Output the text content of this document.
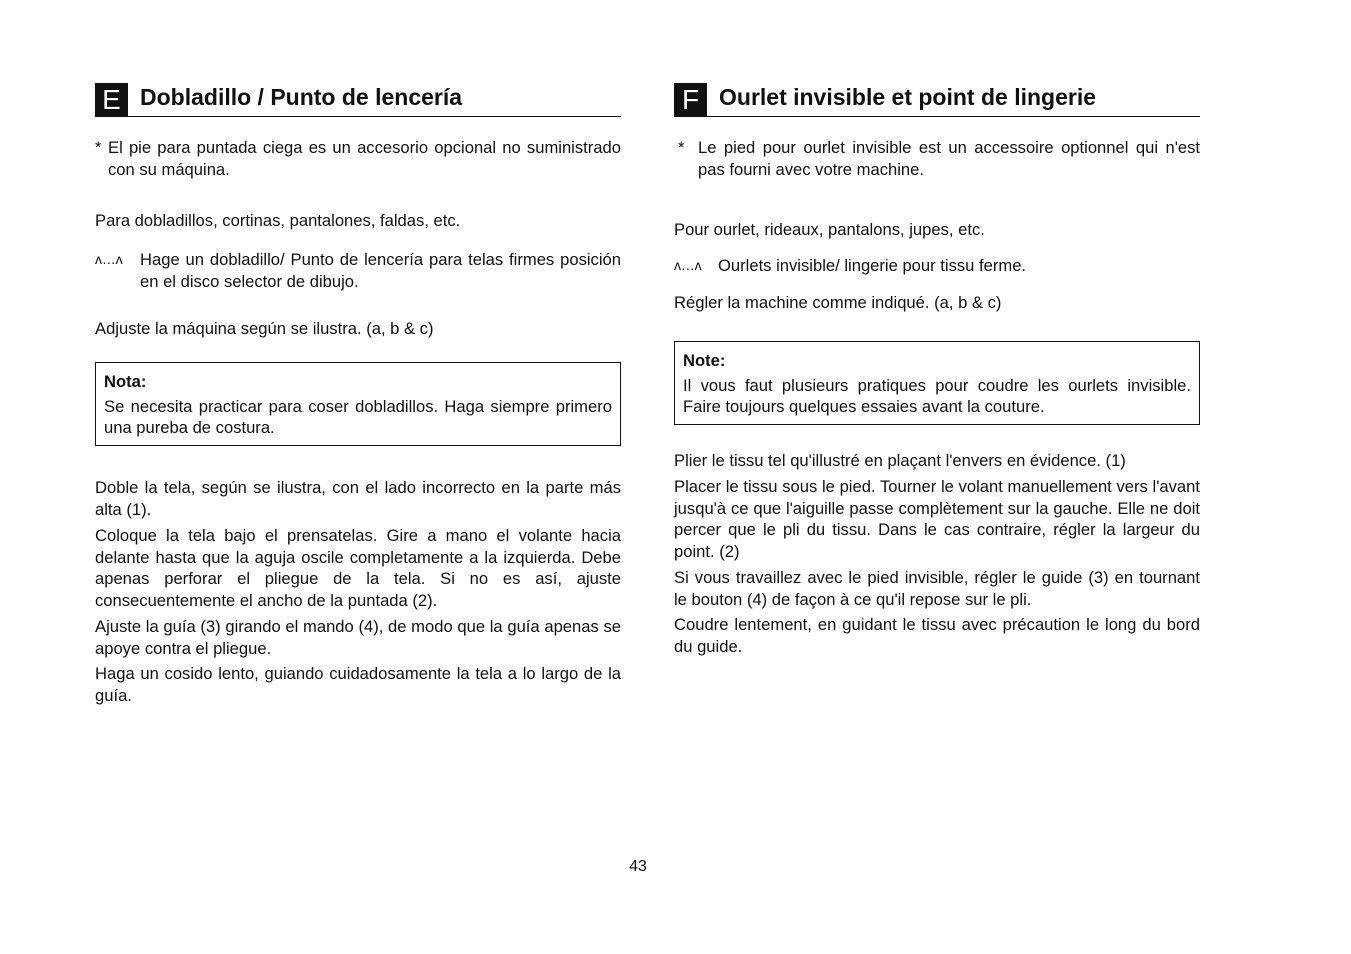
E Dobladillo / Punto de lencería
* El pie para puntada ciega es un accesorio opcional no suministrado con su máquina.
Para dobladillos, cortinas, pantalones, faldas, etc.
ʌ...ʌ	Hage un dobladillo/ Punto de lencería para telas firmes posición en el disco selector de dibujo.
Adjuste la máquina según se ilustra. (a, b & c)
Nota:
Se necesita practicar para coser dobladillos. Haga siempre primero una pureba de costura.
Doble la tela, según se ilustra, con el lado incorrecto en la parte más alta (1).
Coloque la tela bajo el prensatelas. Gire a mano el volante hacia delante hasta que la aguja oscile completamente a la izquierda. Debe apenas perforar el pliegue de la tela. Si no es así, ajuste consecuentemente el ancho de la puntada (2).
Ajuste la guía (3) girando el mando (4), de modo que la guía apenas se apoye contra el pliegue.
Haga un cosido lento, guiando cuidadosamente la tela a lo largo de la guía.
F Ourlet invisible et point de lingerie
* Le pied pour ourlet invisible est un accessoire optionnel qui n'est pas fourni avec votre machine.
Pour ourlet, rideaux, pantalons, jupes, etc.
ʌ...ʌ Ourlets invisible/ lingerie pour tissu ferme.
Régler la machine comme indiqué. (a, b & c)
Note:
Il vous faut plusieurs pratiques pour coudre les ourlets invisible. Faire toujours quelques essaies avant la couture.
Plier le tissu tel qu'illustré en plaçant l'envers en évidence. (1)
Placer le tissu sous le pied. Tourner le volant manuellement vers l'avant jusqu'à ce que l'aiguille passe complètement sur la gauche. Elle ne doit percer que le pli du tissu. Dans le cas contraire, régler la largeur du point. (2)
Si vous travaillez avec le pied invisible, régler le guide (3) en tournant le bouton (4) de façon à ce qu'il repose sur le pli.
Coudre lentement, en guidant le tissu avec précaution le long du bord du guide.
43
